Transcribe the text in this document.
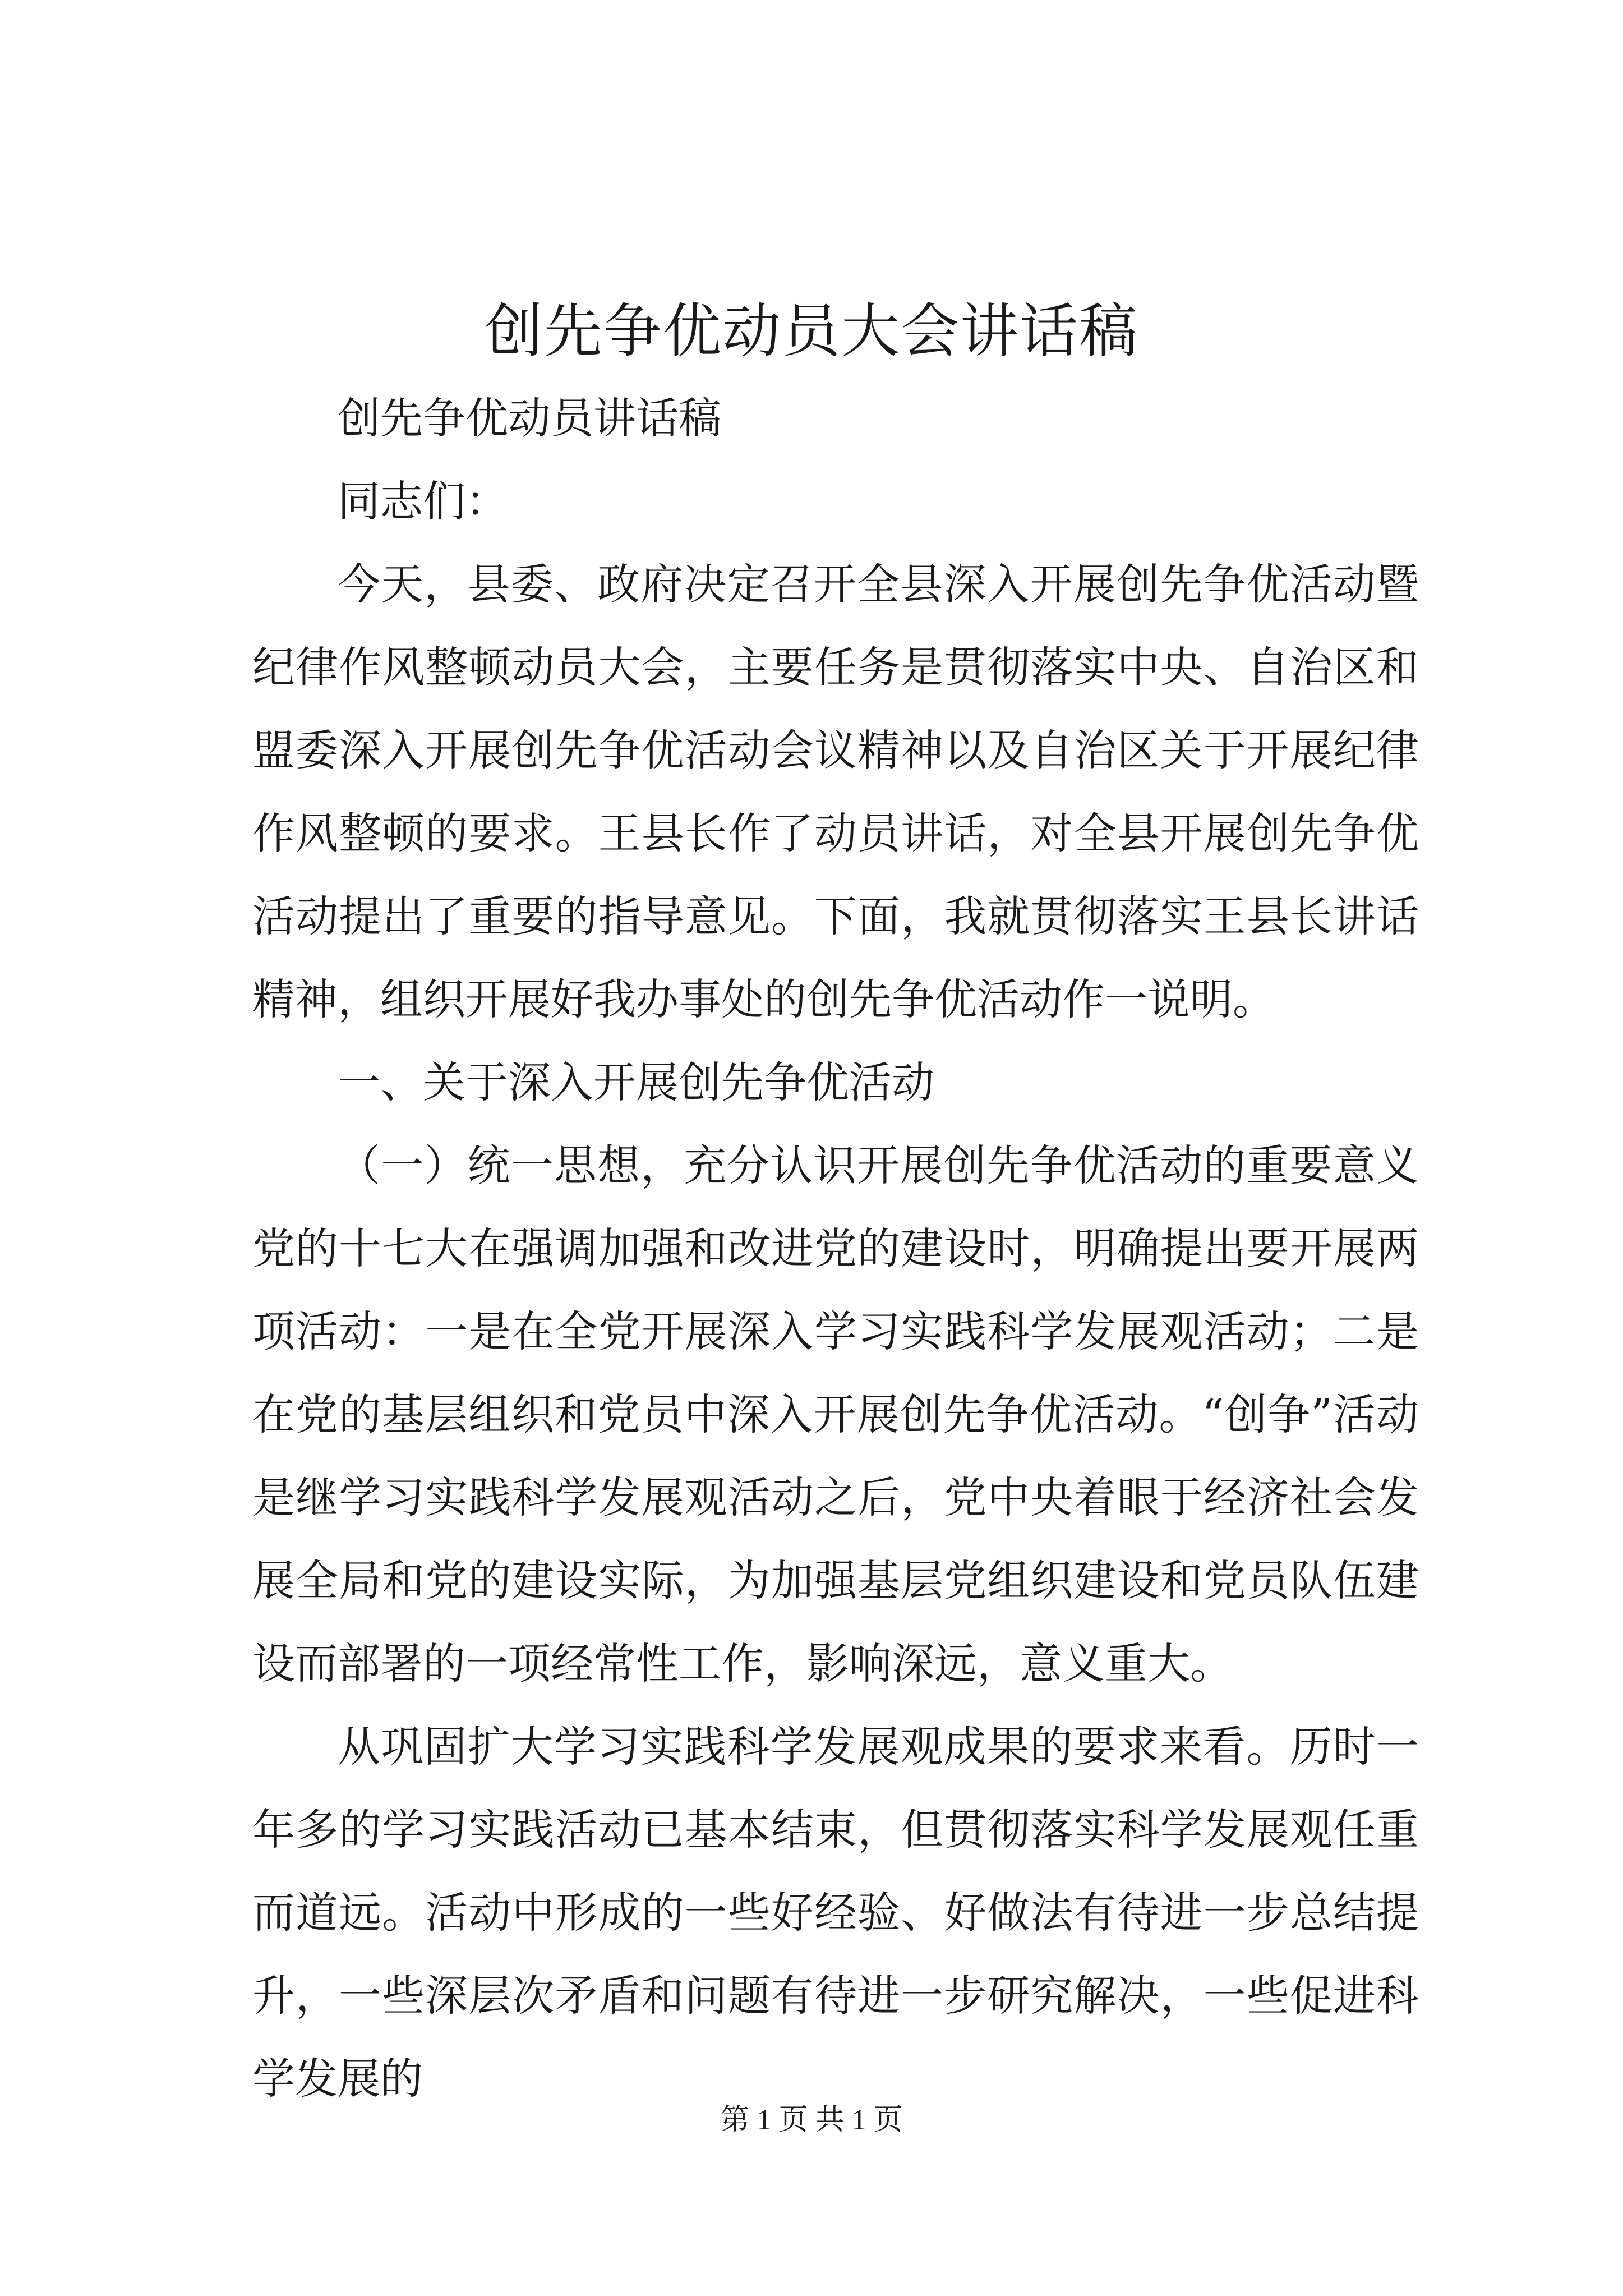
创先争优动员大会讲话稿

创先争优动员讲话稿

同志们：

今天，县委、政府决定召开全县深入开展创先争优活动暨纪律作风整顿动员大会，主要任务是贯彻落实中央、自治区和盟委深入开展创先争优活动会议精神以及自治区关于开展纪律作风整顿的要求。王县长作了动员讲话，对全县开展创先争优活动提出了重要的指导意见。下面，我就贯彻落实王县长讲话精神，组织开展好我办事处的创先争优活动作一说明。

一、关于深入开展创先争优活动

（一）统一思想，充分认识开展创先争优活动的重要意义党的十七大在强调加强和改进党的建设时，明确提出要开展两项活动：一是在全党开展深入学习实践科学发展观活动；二是在党的基层组织和党员中深入开展创先争优活动。“创争”活动是继学习实践科学发展观活动之后，党中央着眼于经济社会发展全局和党的建设实际，为加强基层党组织建设和党员队伍建设而部署的一项经常性工作，影响深远，意义重大。

从巩固扩大学习实践科学发展观成果的要求来看。历时一年多的学习实践活动已基本结束，但贯彻落实科学发展观任重而道远。活动中形成的一些好经验、好做法有待进一步总结提升，一些深层次矛盾和问题有待进一步研究解决，一些促进科学发展的

第 1 页 共 1 页
